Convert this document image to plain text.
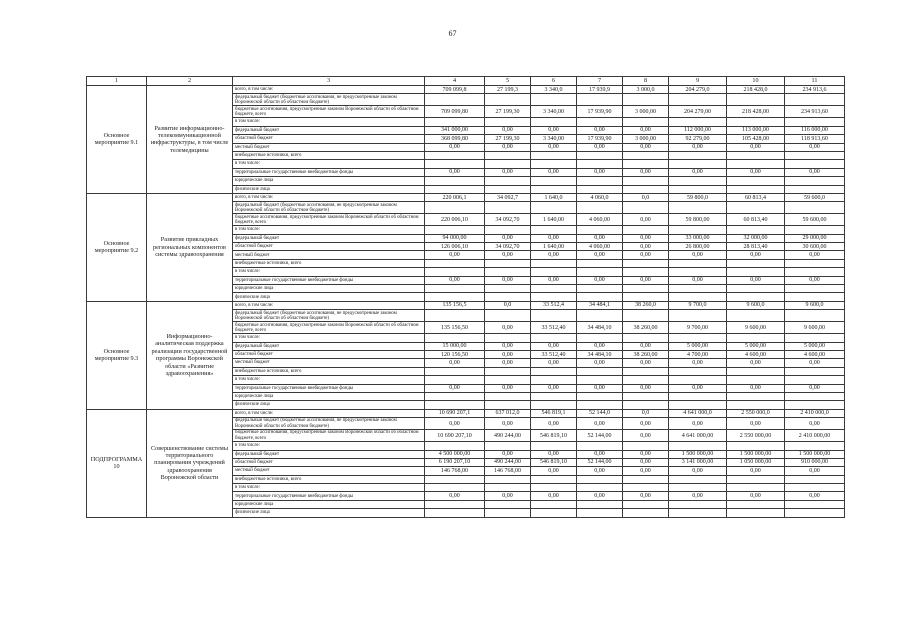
67
1	2	3	4	5	6	7	8	9	10	11
Основное мероприятие 9.1	Развитие информационно-телекоммуникационной инфраструктуры, в том числе телемедицины	всего, в том числе:	709 099,8	27 199,3	3 340,0	17 939,9	3 000,0	204 279,0	218 428,0	234 913,6
		федеральный бюджет (бюджетные ассигнования, не предусмотренные законом Воронежской области об областном бюджете)								
		бюджетные ассигнования, предусмотренные законом Воронежской области об областном бюджете, всего	709 099,80	27 199,30	3 340,00	17 939,90	3 000,00	204 279,00	218 428,00	234 913,60
		в том числе:								
		федеральный бюджет	341 000,00	0,00	0,00	0,00	0,00	112 000,00	113 000,00	116 000,00
		областной бюджет	368 099,80	27 199,30	3 340,00	17 939,90	3 000,00	92 279,00	105 428,00	118 913,60
		местный бюджет	0,00	0,00	0,00	0,00	0,00	0,00	0,00	0,00
		внебюджетные источники, всего								
		в том числе:								
		территориальные государственные внебюджетные фонды	0,00	0,00	0,00	0,00	0,00	0,00	0,00	0,00
		юридические лица								
		физические лица								
Основное мероприятие 9.2	Развитие прикладных региональных компонентов системы здравоохранения	всего, в том числе:	220 006,1	34 092,7	1 640,0	4 060,0	0,0	59 800,0	60 813,4	59 600,0
		федеральный бюджет (бюджетные ассигнования, не предусмотренные законом Воронежской области об областном бюджете)								
		бюджетные ассигнования, предусмотренные законом Воронежской области об областном бюджете, всего	220 006,10	34 092,70	1 640,00	4 060,00	0,00	59 800,00	60 813,40	59 600,00
		в том числе:								
		федеральный бюджет	94 000,00	0,00	0,00	0,00	0,00	33 000,00	32 000,00	29 000,00
		областной бюджет	126 006,10	34 092,70	1 640,00	4 060,00	0,00	26 800,00	28 813,40	30 600,00
		местный бюджет	0,00	0,00	0,00	0,00	0,00	0,00	0,00	0,00
		внебюджетные источники, всего								
		в том числе:								
		территориальные государственные внебюджетные фонды	0,00	0,00	0,00	0,00	0,00	0,00	0,00	0,00
		юридические лица								
		физические лица								
Основное мероприятие 9.3	Информационно-аналитическая поддержка реализации государственной программы Воронежской области «Развитие здравоохранения»	всего, в том числе:	135 156,5	0,0	33 512,4	34 484,1	38 260,0	9 700,0	9 600,0	9 600,0
		федеральный бюджет (бюджетные ассигнования, не предусмотренные законом Воронежской области об областном бюджете)								
		бюджетные ассигнования, предусмотренные законом Воронежской области об областном бюджете, всего	135 156,50	0,00	33 512,40	34 484,10	38 260,00	9 700,00	9 600,00	9 600,00
		в том числе:								
		федеральный бюджет	15 000,00	0,00	0,00	0,00	0,00	5 000,00	5 000,00	5 000,00
		областной бюджет	120 156,50	0,00	33 512,40	34 484,10	38 260,00	4 700,00	4 600,00	4 600,00
		местный бюджет	0,00	0,00	0,00	0,00	0,00	0,00	0,00	0,00
		внебюджетные источники, всего								
		в том числе:								
		территориальные государственные внебюджетные фонды	0,00	0,00	0,00	0,00	0,00	0,00	0,00	0,00
		юридические лица								
		физические лица								
ПОДПРОГРАММА 10	Совершенствование системы территориального планирования учреждений здравоохранения Воронежской области	всего, в том числе:	10 690 207,1	637 012,0	546 819,1	52 144,0	0,0	4 641 000,0	2 550 000,0	2 410 000,0
		федеральный бюджет (бюджетные ассигнования, не предусмотренные законом Воронежской области об областном бюджете)	0,00	0,00	0,00	0,00	0,00	0,00	0,00	0,00
		бюджетные ассигнования, предусмотренные законом Воронежской области об областном бюджете, всего	10 690 207,10	490 244,00	546 819,10	52 144,00	0,00	4 641 000,00	2 550 000,00	2 410 000,00
		в том числе:								
		федеральный бюджет	4 500 000,00	0,00	0,00	0,00	0,00	1 500 000,00	1 500 000,00	1 500 000,00
		областной бюджет	6 190 207,10	490 244,00	546 819,10	52 144,00	0,00	3 141 000,00	1 050 000,00	910 000,00
		местный бюджет	146 768,00	146 768,00	0,00	0,00	0,00	0,00	0,00	0,00
		внебюджетные источники, всего								
		в том числе:								
		территориальные государственные внебюджетные фонды	0,00	0,00	0,00	0,00	0,00	0,00	0,00	0,00
		юридические лица								
		физические лица								
